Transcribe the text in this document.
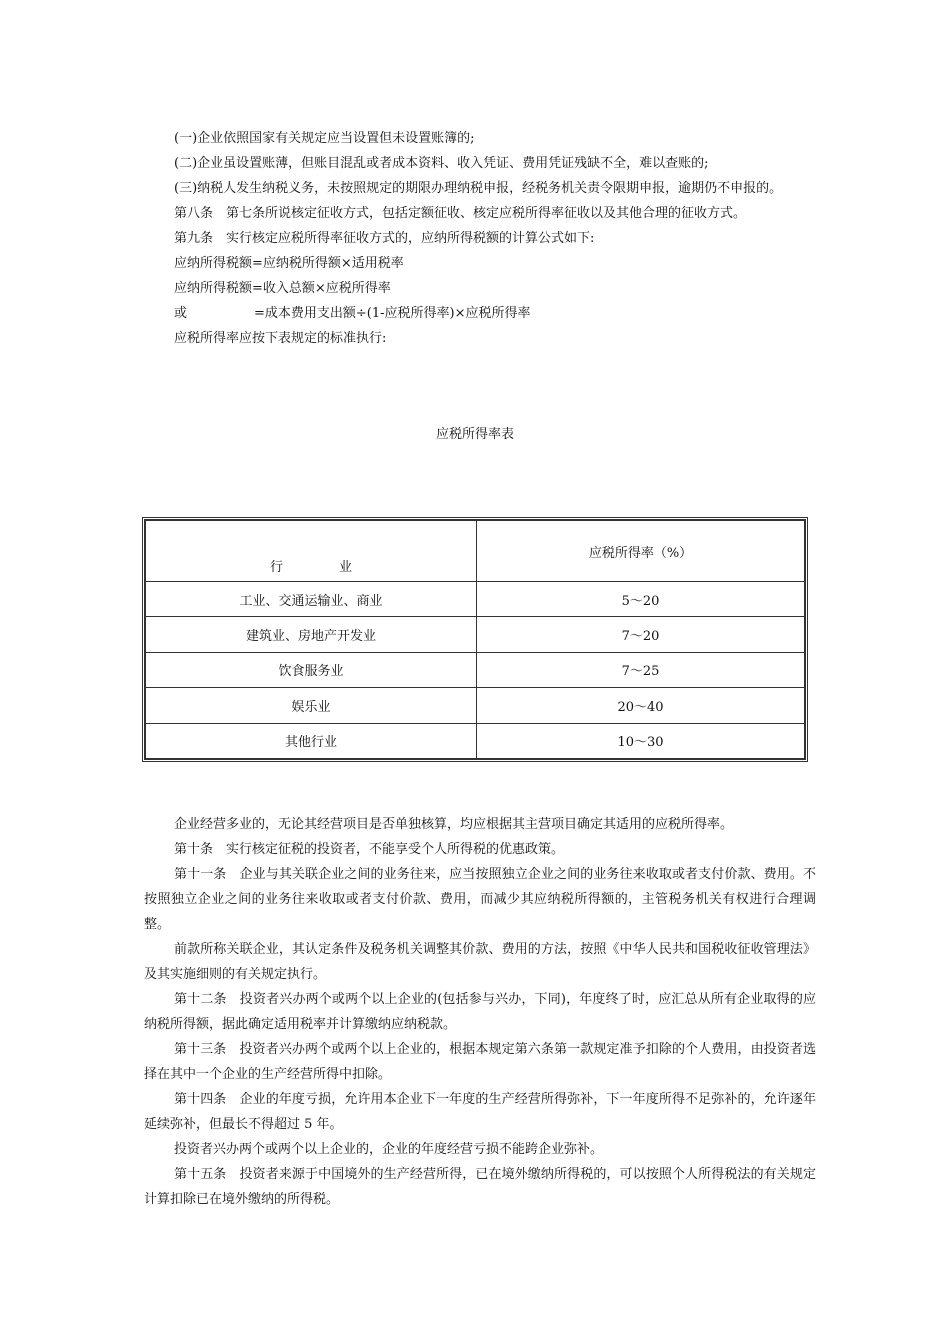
(一)企业依照国家有关规定应当设置但未设置账簿的;

(二)企业虽设置账薄，但账目混乱或者成本资料、收入凭证、费用凭证残缺不全，难以查账的;

(三)纳税人发生纳税义务，未按照规定的期限办理纳税申报，经税务机关责令限期申报，逾期仍不申报的。

第八条　第七条所说核定征收方式，包括定额征收、核定应税所得率征收以及其他合理的征收方式。

第九条　实行核定应税所得率征收方式的，应纳所得税额的计算公式如下:

应纳所得税额=应纳税所得额×适用税率

应纳所得税额=收入总额×应税所得率

或	=成本费用支出额÷(1-应税所得率)×应税所得率

应税所得率应按下表规定的标准执行:

应税所得率表
行 业	应税所得率（%）
工业、交通运输业、商业	5～20
建筑业、房地产开发业	7～20
饮食服务业	7～25
娱乐业	20～40
其他行业	10～30

企业经营多业的，无论其经营项目是否单独核算，均应根据其主营项目确定其适用的应税所得率。

第十条　实行核定征税的投资者，不能享受个人所得税的优惠政策。

第十一条　企业与其关联企业之间的业务往来，应当按照独立企业之间的业务往来收取或者支付价款、费用。不按照独立企业之间的业务往来收取或者支付价款、费用，而减少其应纳税所得额的，主管税务机关有权进行合理调整。

前款所称关联企业，其认定条件及税务机关调整其价款、费用的方法，按照《中华人民共和国税收征收管理法》及其实施细则的有关规定执行。

第十二条　投资者兴办两个或两个以上企业的(包括参与兴办，下同)，年度终了时，应汇总从所有企业取得的应纳税所得额，据此确定适用税率并计算缴纳应纳税款。

第十三条　投资者兴办两个或两个以上企业的，根据本规定第六条第一款规定准予扣除的个人费用，由投资者选择在其中一个企业的生产经营所得中扣除。

第十四条　企业的年度亏损，允许用本企业下一年度的生产经营所得弥补，下一年度所得不足弥补的，允许逐年延续弥补，但最长不得超过 5 年。

投资者兴办两个或两个以上企业的，企业的年度经营亏损不能跨企业弥补。

第十五条　投资者来源于中国境外的生产经营所得，已在境外缴纳所得税的，可以按照个人所得税法的有关规定计算扣除已在境外缴纳的所得税。
